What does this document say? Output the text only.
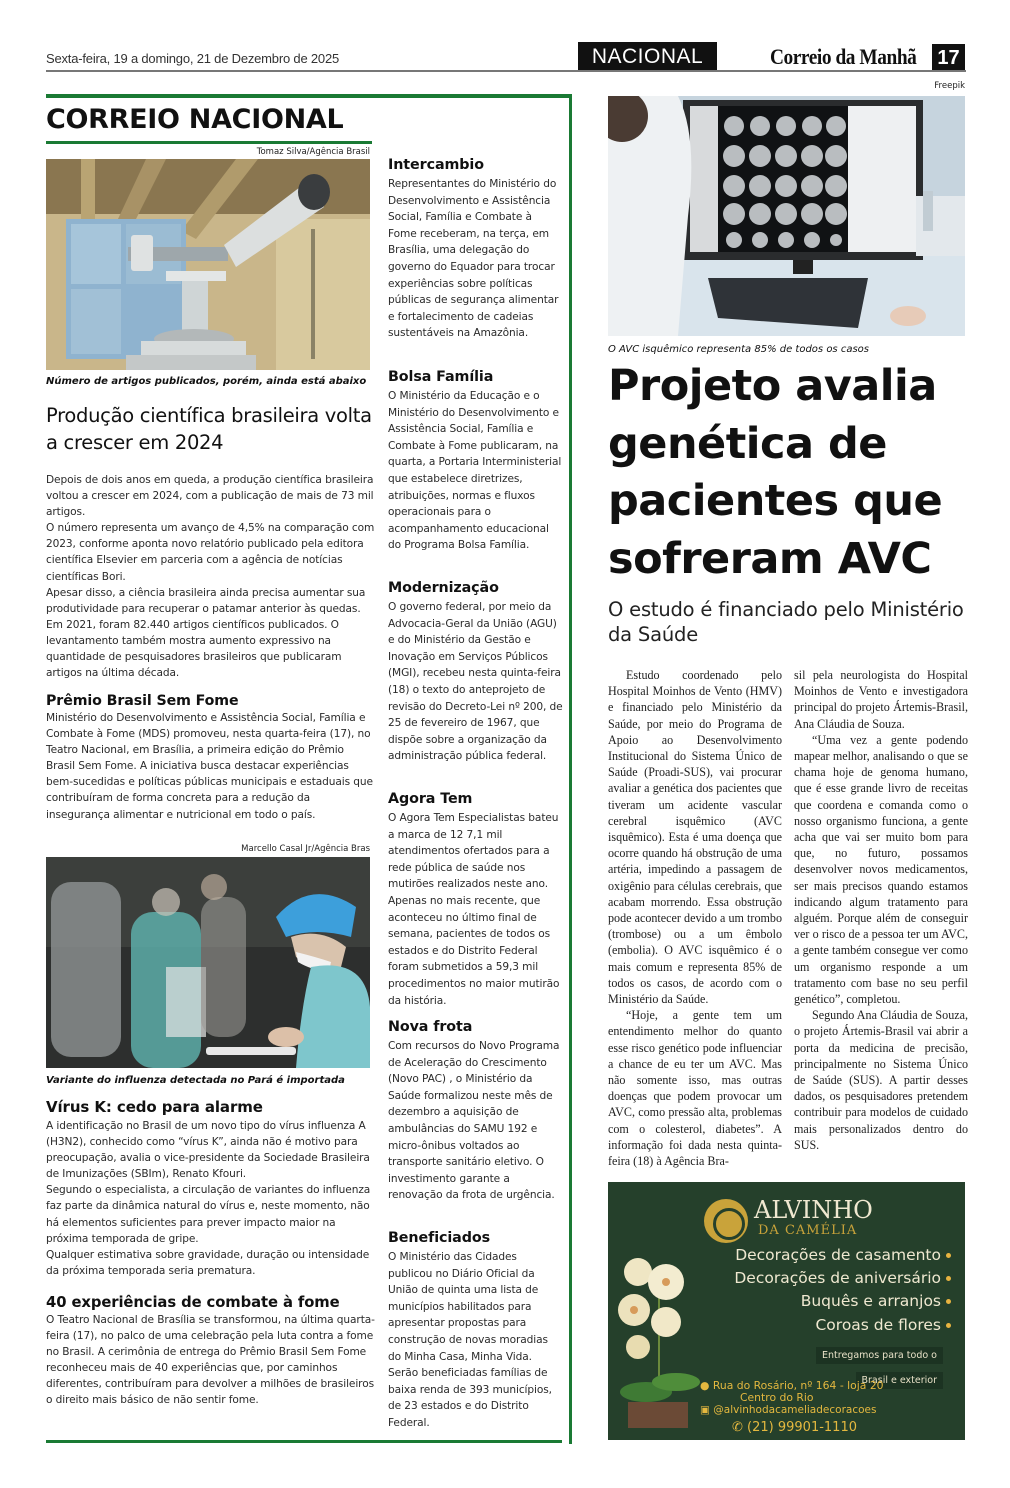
Sexta-feira, 19 a domingo, 21 de Dezembro de 2025	NACIONAL	Correio da Manhã 17
CORREIO NACIONAL
Tomaz Silva/Agência Brasil
Número de artigos publicados, porém, ainda está abaixo
Produção científica brasileira volta a crescer em 2024
Depois de dois anos em queda, a produção científica brasileira voltou a crescer em 2024, com a publicação de mais de 73 mil artigos.
O número representa um avanço de 4,5% na comparação com 2023, conforme aponta novo relatório publicado pela editora científica Elsevier em parceria com a agência de notícias científicas Bori.
Apesar disso, a ciência brasileira ainda precisa aumentar sua produtividade para recuperar o patamar anterior às quedas. Em 2021, foram 82.440 artigos científicos publicados. O levantamento também mostra aumento expressivo na quantidade de pesquisadores brasileiros que publicaram artigos na última década.
Prêmio Brasil Sem Fome
Ministério do Desenvolvimento e Assistência Social, Família e Combate à Fome (MDS) promoveu, nesta quarta-feira (17), no Teatro Nacional, em Brasília, a primeira edição do Prêmio Brasil Sem Fome. A iniciativa busca destacar experiências bem-sucedidas e políticas públicas municipais e estaduais que contribuíram de forma concreta para a redução da insegurança alimentar e nutricional em todo o país.
Marcello Casal Jr/Agência Bras
Variante do influenza detectada no Pará é importada
Vírus K: cedo para alarme
A identificação no Brasil de um novo tipo do vírus influenza A (H3N2), conhecido como “vírus K”, ainda não é motivo para preocupação, avalia o vice-presidente da Sociedade Brasileira de Imunizações (SBIm), Renato Kfouri.
Segundo o especialista, a circulação de variantes do influenza faz parte da dinâmica natural do vírus e, neste momento, não há elementos suficientes para prever impacto maior na próxima temporada de gripe.
Qualquer estimativa sobre gravidade, duração ou intensidade da próxima temporada seria prematura.
40 experiências de combate à fome
O Teatro Nacional de Brasília se transformou, na última quarta-feira (17), no palco de uma celebração pela luta contra a fome no Brasil. A cerimônia de entrega do Prêmio Brasil Sem Fome reconheceu mais de 40 experiências que, por caminhos diferentes, contribuíram para devolver a milhões de brasileiros o direito mais básico de não sentir fome.
Intercambio
Representantes do Ministério do Desenvolvimento e Assistência Social, Família e Combate à Fome receberam, na terça, em Brasília, uma delegação do governo do Equador para trocar experiências sobre políticas públicas de segurança alimentar e fortalecimento de cadeias sustentáveis na Amazônia.
Bolsa Família
O Ministério da Educação e o Ministério do Desenvolvimento e Assistência Social, Família e Combate à Fome publicaram, na quarta, a Portaria Interministerial que estabelece diretrizes, atribuições, normas e fluxos operacionais para o acompanhamento educacional do Programa Bolsa Família.
Modernização
O governo federal, por meio da Advocacia-Geral da União (AGU) e do Ministério da Gestão e Inovação em Serviços Públicos (MGI), recebeu nesta quinta-feira (18) o texto do anteprojeto de revisão do Decreto-Lei nº 200, de 25 de fevereiro de 1967, que dispõe sobre a organização da administração pública federal.
Agora Tem
O Agora Tem Especialistas bateu a marca de 12 7,1 mil atendimentos ofertados para a rede pública de saúde nos mutirões realizados neste ano. Apenas no mais recente, que aconteceu no último final de semana, pacientes de todos os estados e do Distrito Federal foram submetidos a 59,3 mil procedimentos no maior mutirão da história.
Nova frota
Com recursos do Novo Programa de Aceleração do Crescimento (Novo PAC) , o Ministério da Saúde formalizou neste mês de dezembro a aquisição de ambulâncias do SAMU 192 e micro-ônibus voltados ao transporte sanitário eletivo. O investimento garante a renovação da frota de urgência.
Beneficiados
O Ministério das Cidades publicou no Diário Oficial da União de quinta uma lista de municípios habilitados para apresentar propostas para construção de novas moradias do Minha Casa, Minha Vida. Serão beneficiadas famílias de baixa renda de 393 municípios, de 23 estados e do Distrito Federal.
Freepik
O AVC isquêmico representa 85% de todos os casos
Projeto avalia genética de pacientes que sofreram AVC
O estudo é financiado pelo Ministério da Saúde

Estudo coordenado pelo Hospital Moinhos de Vento (HMV) e financiado pelo Ministério da Saúde, por meio do Programa de Apoio ao Desenvolvimento Institucional do Sistema Único de Saúde (Proadi-SUS), vai procurar avaliar a genética dos pacientes que tiveram um acidente vascular cerebral isquêmico (AVC isquêmico). Esta é uma doença que ocorre quando há obstrução de uma artéria, impedindo a passagem de oxigênio para células cerebrais, que acabam morrendo. Essa obstrução pode acontecer devido a um trombo (trombose) ou a um êmbolo (embolia). O AVC isquêmico é o mais comum e representa 85% de todos os casos, de acordo com o Ministério da Saúde.

“Hoje, a gente tem um entendimento melhor do quanto esse risco genético pode influenciar a chance de eu ter um AVC. Mas não somente isso, mas outras doenças que podem provocar um AVC, como pressão alta, problemas com o colesterol, diabetes”. A informação foi dada nesta quinta-feira (18) à Agência Bra-

sil pela neurologista do Hospital Moinhos de Vento e investigadora principal do projeto Ártemis-Brasil, Ana Cláudia de Souza.

“Uma vez a gente podendo mapear melhor, analisando o que se chama hoje de genoma humano, que é esse grande livro de receitas que coordena e comanda como o nosso organismo funciona, a gente acha que vai ser muito bom para que, no futuro, possamos desenvolver novos medicamentos, ser mais precisos quando estamos indicando algum tratamento para alguém. Porque além de conseguir ver o risco de a pessoa ter um AVC, a gente também consegue ver como um organismo responde a um tratamento com base no seu perfil genético”, completou.

Segundo Ana Cláudia de Souza, o projeto Ártemis-Brasil vai abrir a porta da medicina de precisão, principalmente no Sistema Único de Saúde (SUS). A partir desses dados, os pesquisadores pretendem contribuir para modelos de cuidado mais personalizados dentro do SUS.

ALVINHO
DA CAMÉLIA
Decorações de casamento
Decorações de aniversário
Buquês e arranjos
Coroas de flores
Entregamos para todo o
Brasil e exterior
● Rua do Rosário, nº 164 - loja 20
Centro do Rio
▣ @alvinhodacameliadecoracoes
✆ (21) 99901-1110
